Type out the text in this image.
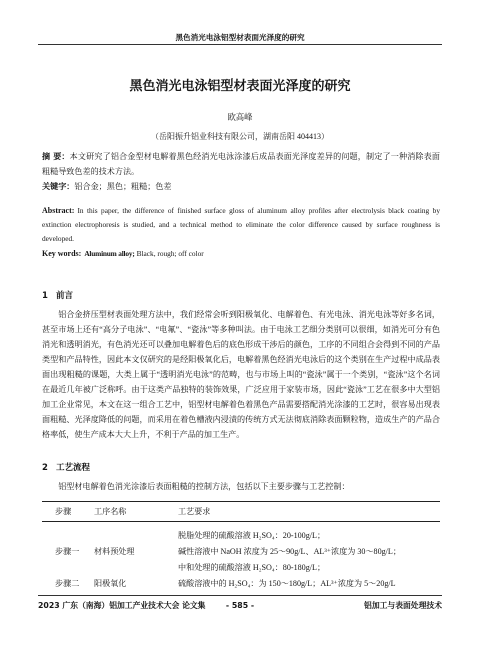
黑色消光电泳铝型材表面光泽度的研究
黑色消光电泳铝型材表面光泽度的研究
欧高峰
（岳阳振升铝业科技有限公司，湖南岳阳 404413）

摘 要：本文研究了铝合金型材电解着黑色经消光电泳涂漆后成品表面光泽度差异的问题，制定了一种消除表面粗糙导致色差的技术方法。

关键字：铝合金；黑色；粗糙；色差

Abstract: In this paper, the difference of finished surface gloss of aluminum alloy profiles after electrolysis black coating by extinction electrophoresis is studied, and a technical method to eliminate the color difference caused by surface roughness is developed.

Key words: Aluminum alloy; Black, rough; off color

1 前言

铝合金挤压型材表面处理方法中，我们经常会听到阳极氧化、电解着色、有光电泳、消光电泳等好多名词，甚至市场上还有“高分子电泳”、“电氟”、“瓷泳”等多种叫法。由于电泳工艺细分类别可以很细，如消光可分有色消光和透明消光，有色消光还可以叠加电解着色后的底色形成干涉后的颜色，工序的不同组合会得到不同的产品类型和产品特性，因此本文仅研究的是经阳极氧化后，电解着黑色经消光电泳后的这个类别在生产过程中成品表面出现粗糙的课题，大类上属于“透明消光电泳”的范畴，也与市场上叫的“瓷泳”属于一个类别，“瓷泳”这个名词在最近几年被广泛称呼。由于这类产品独特的装饰效果，广泛应用于家装市场，因此“瓷泳”工艺在很多中大型铝加工企业常见，本文在这一组合工艺中，铝型材电解着色着黑色产品需要搭配消光涂漆的工艺时，很容易出现表面粗糙、光泽度降低的问题，而采用在着色槽液内浸渍的传统方式无法彻底消除表面颗粒物，造成生产的产品合格率低，使生产成本大大上升，不利于产品的加工生产。

2 工艺流程

铝型材电解着色消光涂漆后表面粗糙的控制方法，包括以下主要步骤与工艺控制：

步骤	工序名称	工艺要求
		脱脂处理的硫酸溶液 H₂SO₄：20-100g/L；
步骤一	材料预处理	碱性溶液中 NaOH 浓度为 25～90g/L、AL³⁺浓度为 30～80g/L；
		中和处理的硫酸溶液 H₂SO₄：80-180g/L；
步骤二	阳极氧化	硫酸溶液中的 H₂SO₄：为 150～180g/L；AL³⁺浓度为 5～20g/L
2023 广东（南海）铝加工产业技术大会 论文集	- 585 -	铝加工与表面处理技术
